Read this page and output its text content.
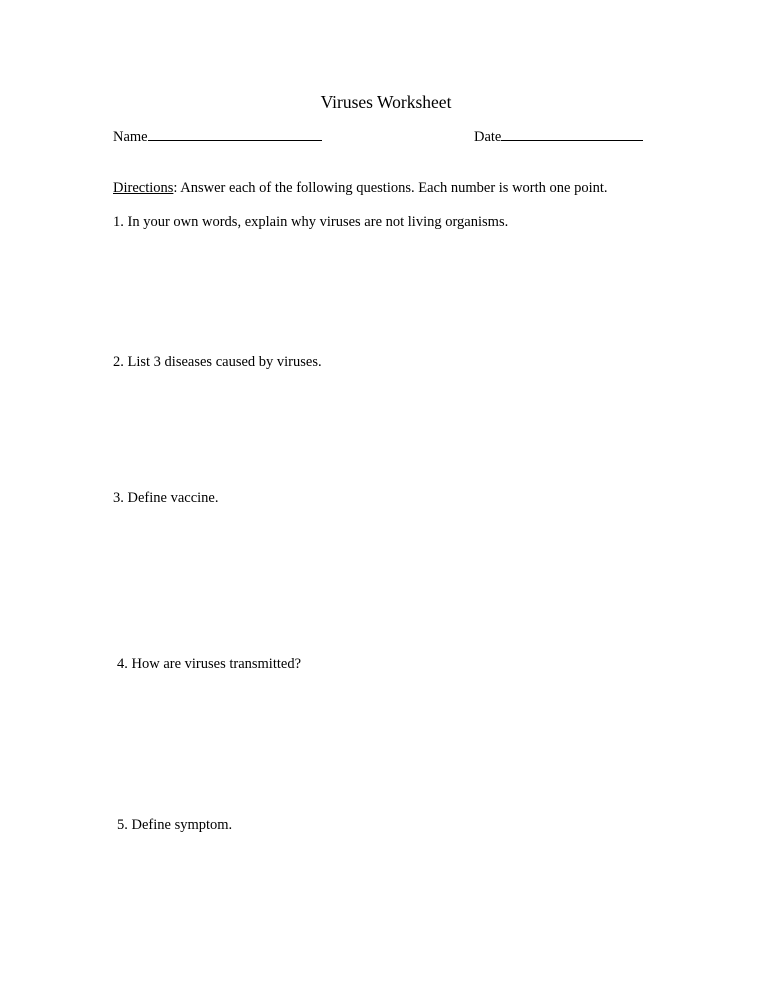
Viruses Worksheet
Name	Date
Directions: Answer each of the following questions. Each number is worth one point.
1. In your own words, explain why viruses are not living organisms.
2. List 3 diseases caused by viruses.
3. Define vaccine.
4. How are viruses transmitted?
5. Define symptom.
